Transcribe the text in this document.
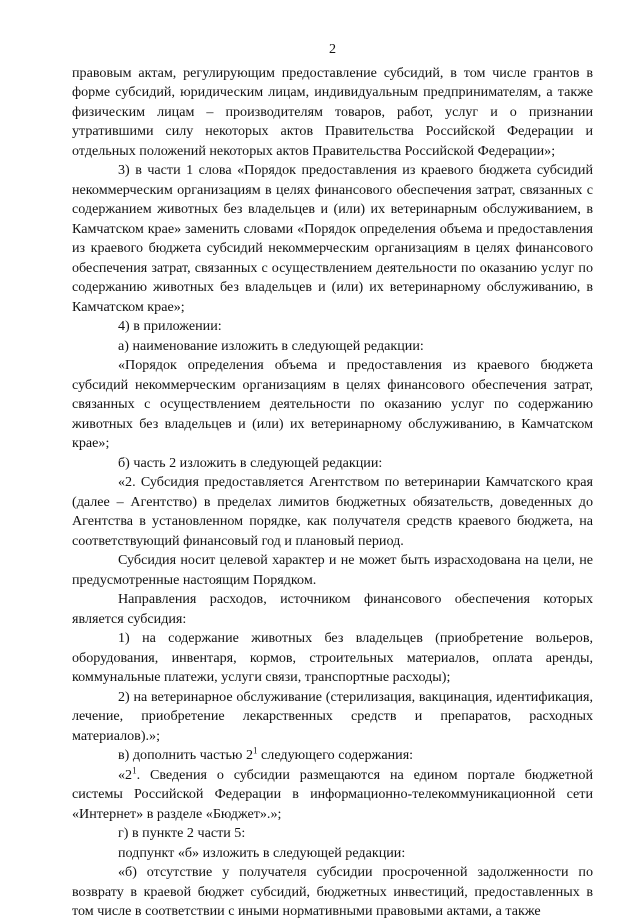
2

правовым актам, регулирующим предоставление субсидий, в том числе грантов в форме субсидий, юридическим лицам, индивидуальным предпринимателям, а также физическим лицам – производителям товаров, работ, услуг и о признании утратившими силу некоторых актов Правительства Российской Федерации и отдельных положений некоторых актов Правительства Российской Федерации»;

3) в части 1 слова «Порядок предоставления из краевого бюджета субсидий некоммерческим организациям в целях финансового обеспечения затрат, связанных с содержанием животных без владельцев и (или) их ветеринарным обслуживанием, в Камчатском крае» заменить словами «Порядок определения объема и предоставления из краевого бюджета субсидий некоммерческим организациям в целях финансового обеспечения затрат, связанных с осуществлением деятельности по оказанию услуг по содержанию животных без владельцев и (или) их ветеринарному обслуживанию, в Камчатском крае»;

4) в приложении:

а) наименование изложить в следующей редакции:

«Порядок определения объема и предоставления из краевого бюджета субсидий некоммерческим организациям в целях финансового обеспечения затрат, связанных с осуществлением деятельности по оказанию услуг по содержанию животных без владельцев и (или) их ветеринарному обслуживанию, в Камчатском крае»;

б) часть 2 изложить в следующей редакции:

«2. Субсидия предоставляется Агентством по ветеринарии Камчатского края (далее – Агентство) в пределах лимитов бюджетных обязательств, доведенных до Агентства в установленном порядке, как получателя средств краевого бюджета, на соответствующий финансовый год и плановый период.

Субсидия носит целевой характер и не может быть израсходована на цели, не предусмотренные настоящим Порядком.

Направления расходов, источником финансового обеспечения которых является субсидия:

1) на содержание животных без владельцев (приобретение вольеров, оборудования, инвентаря, кормов, строительных материалов, оплата аренды, коммунальные платежи, услуги связи, транспортные расходы);

2) на ветеринарное обслуживание (стерилизация, вакцинация, идентификация, лечение, приобретение лекарственных средств и препаратов, расходных материалов).»;

в) дополнить частью $2^1$ следующего содержания:

«$2^1$. Сведения о субсидии размещаются на едином портале бюджетной системы Российской Федерации в информационно-телекоммуникационной сети «Интернет» в разделе «Бюджет».»;

г) в пункте 2 части 5:

подпункт «б» изложить в следующей редакции:

«б) отсутствие у получателя субсидии просроченной задолженности по возврату в краевой бюджет субсидий, бюджетных инвестиций, предоставленных в том числе в соответствии с иными нормативными правовыми актами, а также
